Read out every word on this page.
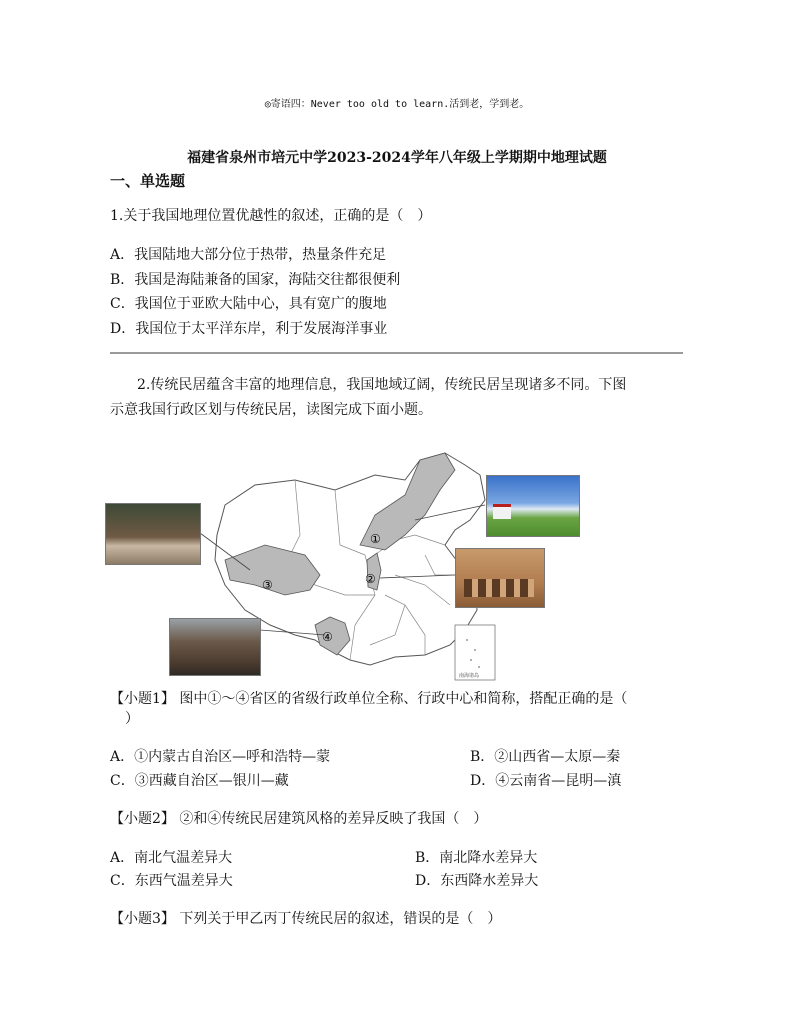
◎寄语四：Never too old to learn.活到老，学到老。
福建省泉州市培元中学2023-2024学年八年级上学期期中地理试题
一、单选题
1.关于我国地理位置优越性的叙述，正确的是（　）
A．我国陆地大部分位于热带，热量条件充足
B．我国是海陆兼备的国家，海陆交往都很便利
C．我国位于亚欧大陆中心，具有宽广的腹地
D．我国位于太平洋东岸，利于发展海洋事业
2.传统民居蕴含丰富的地理信息，我国地域辽阔，传统民居呈现诸多不同。下图
示意我国行政区划与传统民居，读图完成下面小题。
①
②
③
④
南海诸岛
【小题1】 图中①～④省区的省级行政单位全称、行政中心和简称，搭配正确的是（
）
A．①内蒙古自治区—呼和浩特—蒙	B．②山西省—太原—秦
C．③西藏自治区—银川—藏	D．④云南省—昆明—滇
【小题2】 ②和④传统民居建筑风格的差异反映了我国（　）
A．南北气温差异大	B．南北降水差异大
C．东西气温差异大	D．东西降水差异大
【小题3】 下列关于甲乙丙丁传统民居的叙述，错误的是（　）
